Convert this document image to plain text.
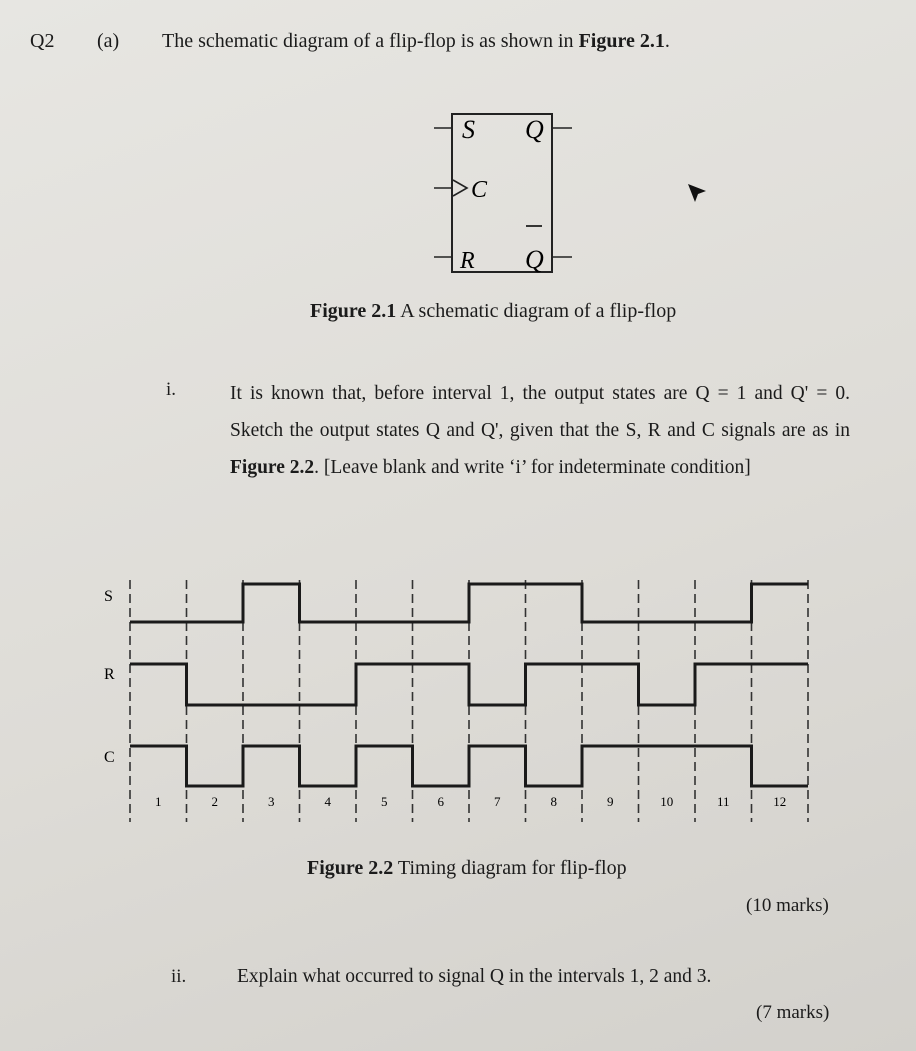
Q2 (a) The schematic diagram of a flip-flop is as shown in Figure 2.1.
S
C
R
Q
Q
Figure 2.1 A schematic diagram of a flip-flop
i.	It is known that, before interval 1, the output states are Q = 1 and Q' = 0. Sketch the output states Q and Q', given that the S, R and C signals are as in Figure 2.2. [Leave blank and write ‘i’ for indeterminate condition]

S
R
C
1	2	3	4	5	6	7	8	9	10	11	12
Figure 2.2 Timing diagram for flip-flop
(10 marks)
ii.	Explain what occurred to signal Q in the intervals 1, 2 and 3.
(7 marks)
